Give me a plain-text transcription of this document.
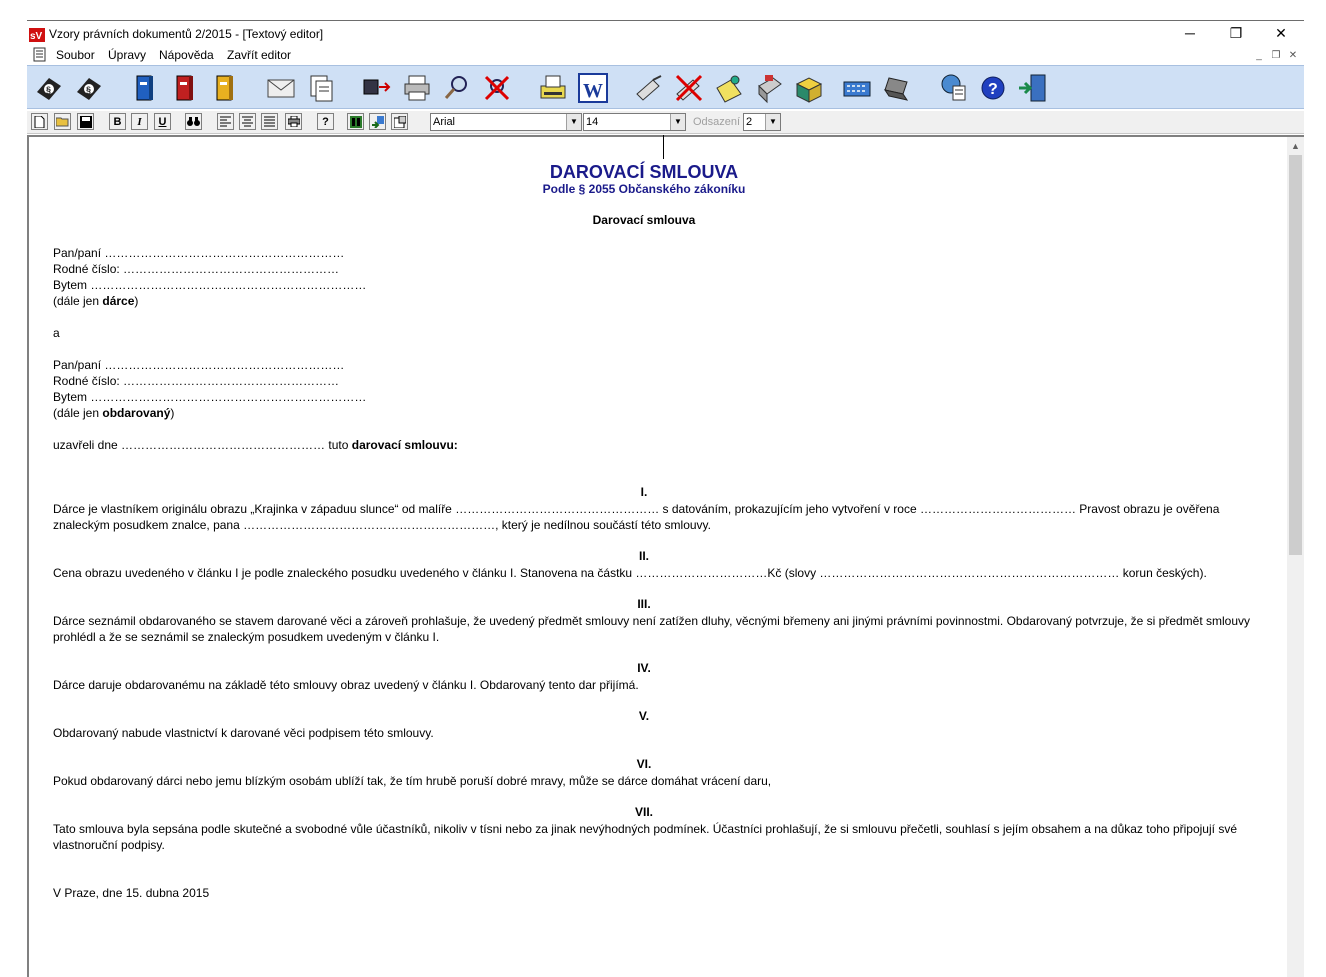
sV Vzory právních dokumentů 2/2015 - [Textový editor]	─	❐	✕
Soubor Úpravy Nápověda Zavřít editor	_ ❐ ✕
§	§	W	?
B	I	U	?	Arial	▼ 14	▼ Odsazení 2	▼
DAROVACÍ SMLOUVA
Podle § 2055 Občanského zákoníku
Darovací smlouva
Pan/paní ……………………………………………………
Rodné číslo: ………………………………………………
Bytem ……………………………………………………………
(dále jen dárce)
a
Pan/paní ……………………………………………………
Rodné číslo: ………………………………………………
Bytem ……………………………………………………………
(dále jen obdarovaný)
uzavřeli dne …………………………………………… tuto darovací smlouvu:
I.
Dárce je vlastníkem originálu obrazu „Krajinka v západuu slunce“ od malíře …………………………………………… s datováním, prokazujícím jeho vytvoření v roce ………………………………… Pravost obrazu je ověřena znaleckým posudkem znalce, pana ………………………………………………………, který je nedílnou součástí této smlouvy.
II.
Cena obrazu uvedeného v článku I je podle znaleckého posudku uvedeného v článku I. Stanovena na částku ……………………………Kč (slovy ………………………………………………………………… korun českých).
III.
Dárce seznámil obdarovaného se stavem darované věci a zároveň prohlašuje, že uvedený předmět smlouvy není zatížen dluhy, věcnými břemeny ani jinými právními povinnostmi. Obdarovaný potvrzuje, že si předmět smlouvy prohlédl a že se seznámil se znaleckým posudkem uvedeným v článku I.
IV.
Dárce daruje obdarovanému na základě této smlouvy obraz uvedený v článku I. Obdarovaný tento dar přijímá.
V.
Obdarovaný nabude vlastnictví k darované věci podpisem této smlouvy.
VI.
Pokud obdarovaný dárci nebo jemu blízkým osobám ublíží tak, že tím hrubě poruší dobré mravy, může se dárce domáhat vrácení daru,
VII.
Tato smlouva byla sepsána podle skutečné a svobodné vůle účastníků, nikoliv v tísni nebo za jinak nevýhodných podmínek. Účastníci prohlašují, že si smlouvu přečetli, souhlasí s jejím obsahem a na důkaz toho připojují své vlastnoruční podpisy.
V Praze, dne 15. dubna 2015
▲
